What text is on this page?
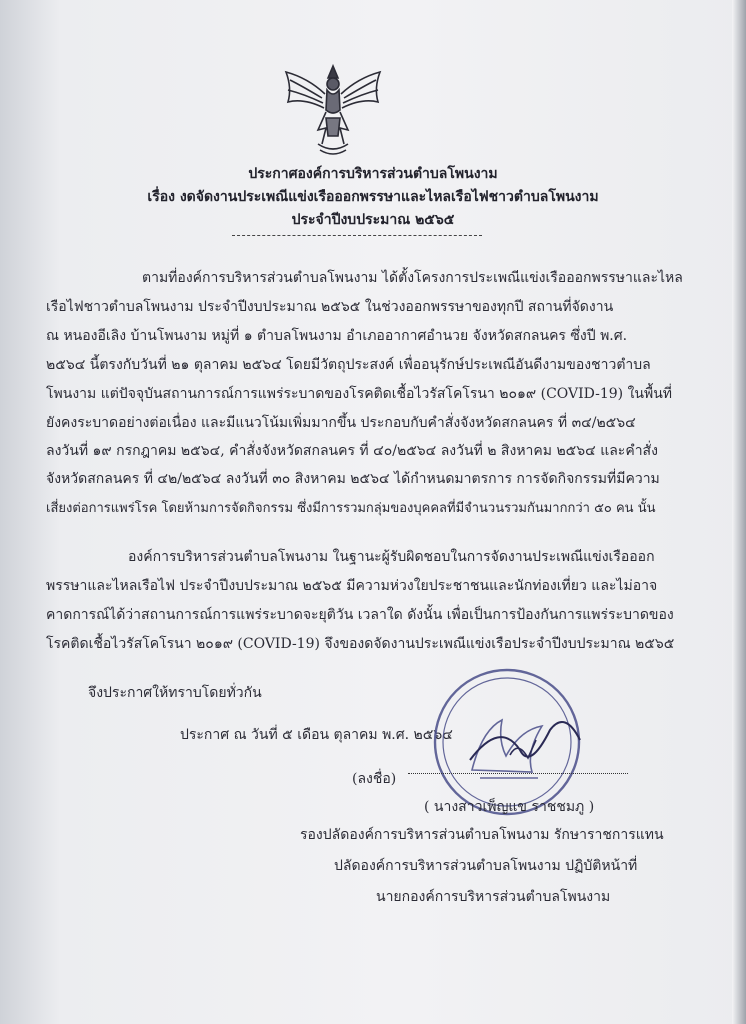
ประกาศองค์การบริหารส่วนตำบลโพนงาม
เรื่อง งดจัดงานประเพณีแข่งเรือออกพรรษาและไหลเรือไฟชาวตำบลโพนงาม
ประจำปีงบประมาณ ๒๕๖๕
ตามที่องค์การบริหารส่วนตำบลโพนงาม ได้ตั้งโครงการประเพณีแข่งเรือออกพรรษาและไหล
เรือไฟชาวตำบลโพนงาม ประจำปีงบประมาณ ๒๕๖๕ ในช่วงออกพรรษาของทุกปี สถานที่จัดงาน
ณ หนองอีเลิง บ้านโพนงาม หมู่ที่ ๑ ตำบลโพนงาม อำเภออากาศอำนวย จังหวัดสกลนคร ซึ่งปี พ.ศ.
๒๕๖๔ นี้ตรงกับวันที่ ๒๑ ตุลาคม ๒๕๖๔ โดยมีวัตถุประสงค์ เพื่ออนุรักษ์ประเพณีอันดีงามของชาวตำบล
โพนงาม แต่ปัจจุบันสถานการณ์การแพร่ระบาดของโรคติดเชื้อไวรัสโคโรนา ๒๐๑๙ (COVID-19) ในพื้นที่
ยังคงระบาดอย่างต่อเนื่อง และมีแนวโน้มเพิ่มมากขึ้น ประกอบกับคำสั่งจังหวัดสกลนคร ที่ ๓๔/๒๕๖๔
ลงวันที่ ๑๙ กรกฎาคม ๒๕๖๔, คำสั่งจังหวัดสกลนคร ที่ ๔๐/๒๕๖๔ ลงวันที่ ๒ สิงหาคม ๒๕๖๔ และคำสั่ง
จังหวัดสกลนคร ที่ ๔๒/๒๕๖๔ ลงวันที่ ๓๐ สิงหาคม ๒๕๖๔ ได้กำหนดมาตรการ การจัดกิจกรรมที่มีความ
เสี่ยงต่อการแพร่โรค โดยห้ามการจัดกิจกรรม ซึ่งมีการรวมกลุ่มของบุคคลที่มีจำนวนรวมกันมากกว่า ๕๐ คน นั้น
องค์การบริหารส่วนตำบลโพนงาม ในฐานะผู้รับผิดชอบในการจัดงานประเพณีแข่งเรือออก
พรรษาและไหลเรือไฟ ประจำปีงบประมาณ ๒๕๖๕ มีความห่วงใยประชาชนและนักท่องเที่ยว และไม่อาจ
คาดการณ์ได้ว่าสถานการณ์การแพร่ระบาดจะยุติวัน เวลาใด ดังนั้น เพื่อเป็นการป้องกันการแพร่ระบาดของ
โรคติดเชื้อไวรัสโคโรนา ๒๐๑๙ (COVID-19) จึงของดจัดงานประเพณีแข่งเรือประจำปีงบประมาณ ๒๕๖๕
จึงประกาศให้ทราบโดยทั่วกัน
ประกาศ ณ วันที่ ๕ เดือน ตุลาคม พ.ศ. ๒๕๖๔
(ลงชื่อ)
( นางสาวเพ็ญแข ราชชมภู )
รองปลัดองค์การบริหารส่วนตำบลโพนงาม รักษาราชการแทน
ปลัดองค์การบริหารส่วนตำบลโพนงาม ปฏิบัติหน้าที่
นายกองค์การบริหารส่วนตำบลโพนงาม
